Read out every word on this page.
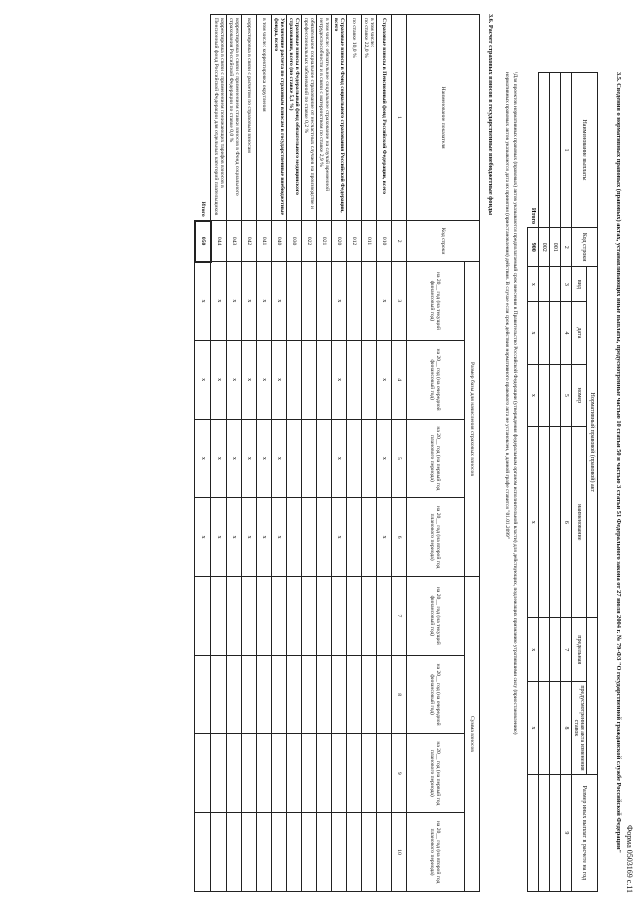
Форма 0503169 с.11
3.5. Сведения о нормативных правовых (правовых) актах, устанавливающих иные выплаты, предусмотренные частью 10 статьи 50 и частью 3 статьи 51 Федерального закона от 27 июля 2004 г. № 79-ФЗ "О государственной гражданской службе Российской Федерации"
Наименование выплаты	Код строки	Нормативный правовой (правовой) акт						Размер иных выплат в расчете на год
		вид	дата	номер	наименование	предельная	предусмотренная акта изменения ставок	
1	2	3	4	5	6	7	8	9
	001							
	002							
Итого	900	x	x	x	x	x	x	
¹Для проектов нормативных правовых (правовых) актов указываются предполагаемый срок внесения в Правительство Российской Федерации (утверждения федеральным органом исполнительной власти) для действующих, подлежащих признанию утратившими силу (приостановлению)
нормативных правовых актов указываются дата их принятия (приостановления) действия. В случае если срок действия нормативного правового акта не установлен, в данной графе ставится "01.01.2099"
3.6. Расчет страховых взносов в государственные внебюджетные фонды
Наименование показателя	Код строки	Размер базы для начисления страховых взносов				Сумма взносов			
		на 20__ год (на текущий финансовый год)	на 20__ год (на очередной финансовый год)	на 20__ год (на первый год планового периода)	на 20__ год (на второй год планового периода)	на 20__ год (на текущий финансовый год)	на 20__ год (на очередной финансовый год)	на 20__ год (на первый год планового периода)	на 20__ год (на второй год планового периода)
1	2	3	4	5	6	7	8	9	10
Страховые взносы в Пенсионный фонд Российской Федерации, всего	010	x	x	x	x				
в том числе:
по ставке 22,0 %	011								
по ставке 10,0 %	012								
Страховые взносы в Фонд социального страхования Российской Федерации, всего	020	x	x	x	x				
в том числе: обязательное социальное страхование на случай временной нетрудоспособности и в связи с материнством по ставке 2,9 %	021								
обязательное социальное страхование от несчастных случаев на производстве и профессиональных заболеваний по ставке 0,2 %	022								
Страховые взносы в Федеральный фонд обязательного медицинского страхования, всего (по ставке 5,1 %)	030								
Увеличение расчета по страховым взносам в государственные внебюджетные фонды, всего	040	x	x	x	x				
в том числе: корректировка округления	041	x	x	x	x				
корректировка в связи с расчетом по страховым взносам	042	x	x	x	x				
корректировка в связи с применением ставки взносов в Фонд социального страхования Российской Федерации по ставке 0,0 %	043	x	x	x	x				
корректировка в связи с применением понижающих тарифов взносов в Пенсионный фонд Российской Федерации для отдельных категорий плательщиков	044	x	x	x	x				
Итого	050	x	x	x	x				
